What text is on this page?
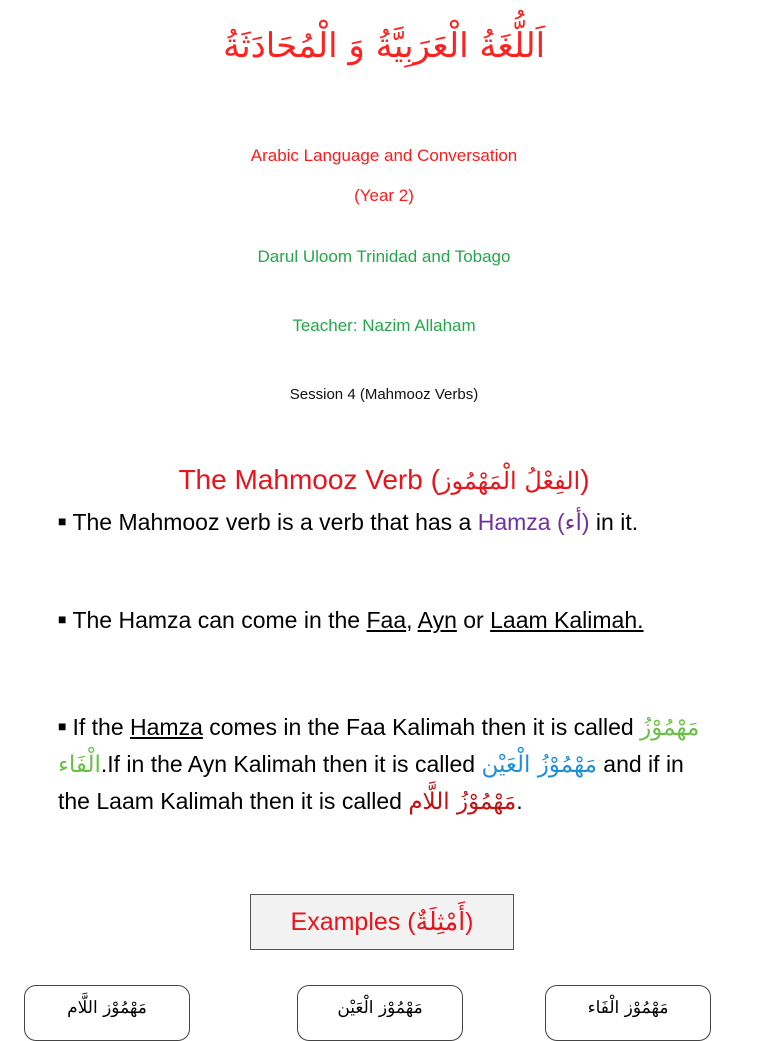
اَللُّغَةُ الْعَرَبِيَّةُ وَ الْمُحَادَثَةُ
Arabic Language and Conversation
(Year 2)
Darul Uloom Trinidad and Tobago
Teacher: Nazim Allaham
Session 4 (Mahmooz Verbs)
The Mahmooz Verb (الفِعْلُ الْمَهْمُوز)
■ The Mahmooz verb is a verb that has a Hamza (أء) in it.
■ The Hamza can come in the Faa, Ayn or Laam Kalimah.
■ If the Hamza comes in the Faa Kalimah then it is called مَهْمُوْزُ الْفَاء.If in the Ayn Kalimah then it is called مَهْمُوْزُ الْعَيْن and if in the Laam Kalimah then it is called مَهْمُوْزُ اللَّام.
Examples (أَمْثِلَةٌ)
مَهْمُوْز اللَّام	مَهْمُوْز الْعَيْن	مَهْمُوْز الْفَاء
